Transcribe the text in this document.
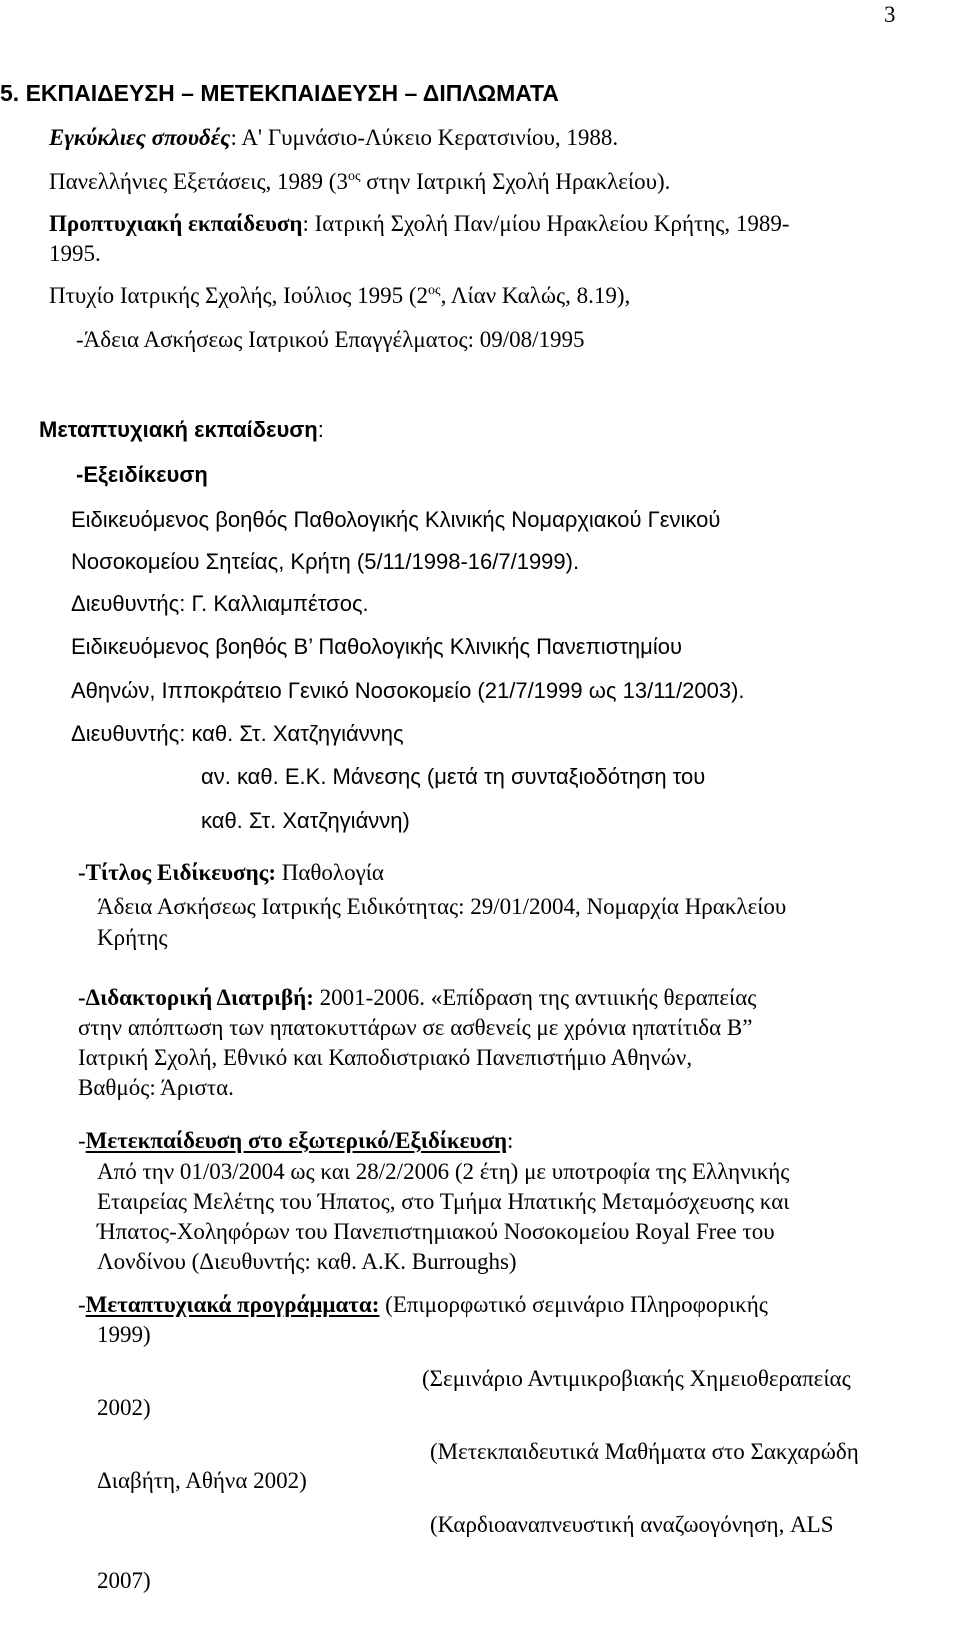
3
5. ΕΚΠΑΙΔΕΥΣΗ – ΜΕΤΕΚΠΑΙΔΕΥΣΗ – ΔΙΠΛΩΜΑΤΑ
Εγκύκλιες σπουδές: Α' Γυμνάσιο-Λύκειο Κερατσινίου, 1988.
Πανελλήνιες Εξετάσεις, 1989 ($3^{o\varsigma}$ στην Ιατρική Σχολή Ηρακλείου).
Προπτυχιακή εκπαίδευση: Ιατρική Σχολή Παν/μίου Ηρακλείου Κρήτης, 1989-
1995.
Πτυχίο Ιατρικής Σχολής, Ιούλιος 1995 ($2^{o\varsigma}$, Λίαν Καλώς, 8.19),
-Άδεια Ασκήσεως Ιατρικού Επαγγέλματος: 09/08/1995
Μεταπτυχιακή εκπαίδευση:
-Εξειδίκευση
Ειδικευόμενος βοηθός Παθολογικής Κλινικής Νομαρχιακού Γενικού
Νοσοκομείου Σητείας, Κρήτη (5/11/1998-16/7/1999).
Διευθυντής: Γ. Καλλιαμπέτσος.
Ειδικευόμενος βοηθός Β’ Παθολογικής Κλινικής Πανεπιστημίου
Αθηνών, Ιπποκράτειο Γενικό Νοσοκομείο (21/7/1999 ως 13/11/2003).
Διευθυντής: καθ. Στ. Χατζηγιάννης
αν. καθ. Ε.Κ. Μάνεσης (μετά τη συνταξιοδότηση του
καθ. Στ. Χατζηγιάννη)
-Τίτλος Ειδίκευσης: Παθολογία
Άδεια Ασκήσεως Ιατρικής Ειδικότητας: 29/01/2004, Νομαρχία Ηρακλείου
Κρήτης
-Διδακτορική Διατριβή: 2001-2006. «Επίδραση της αντιιικής θεραπείας
στην απόπτωση των ηπατοκυττάρων σε ασθενείς με χρόνια ηπατίτιδα Β”
Ιατρική Σχολή, Εθνικό και Καποδιστριακό Πανεπιστήμιο Αθηνών,
Βαθμός: Άριστα.
-Μετεκπαίδευση στο εξωτερικό/Εξιδίκευση:
Από την 01/03/2004 ως και 28/2/2006 (2 έτη) με υποτροφία της Ελληνικής
Εταιρείας Μελέτης του Ήπατος, στο Τμήμα Ηπατικής Μεταμόσχευσης και
Ήπατος-Χοληφόρων του Πανεπιστημιακού Νοσοκομείου Royal Free του
Λονδίνου (Διευθυντής: καθ. Α.Κ. Burroughs)
-Μεταπτυχιακά προγράμματα: (Επιμορφωτικό σεμινάριο Πληροφορικής
1999)
(Σεμινάριο Αντιμικροβιακής Χημειοθεραπείας
2002)
(Μετεκπαιδευτικά Μαθήματα στο Σακχαρώδη
Διαβήτη, Αθήνα 2002)
(Καρδιοαναπνευστική αναζωογόνηση, ALS
2007)
